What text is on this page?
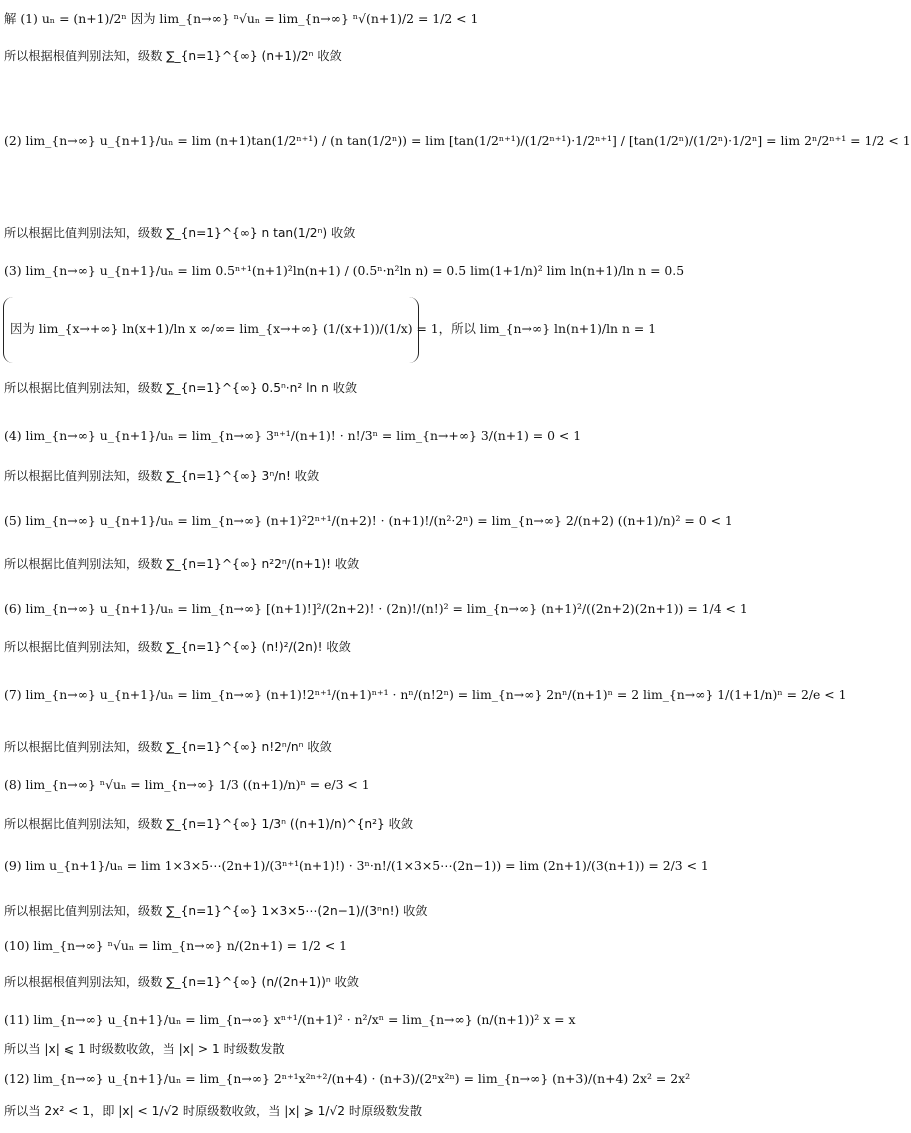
解 (1) uₙ = (n+1)/2ⁿ 因为 lim_{n→∞} ⁿ√uₙ = lim_{n→∞} ⁿ√(n+1)/2 = 1/2 < 1
所以根据根值判别法知，级数 ∑_{n=1}^{∞} (n+1)/2ⁿ 收敛
(2) lim_{n→∞} u_{n+1}/uₙ = lim (n+1)tan(1/2ⁿ⁺¹) / (n tan(1/2ⁿ)) = lim [tan(1/2ⁿ⁺¹)/(1/2ⁿ⁺¹)·1/2ⁿ⁺¹] / [tan(1/2ⁿ)/(1/2ⁿ)·1/2ⁿ] = lim 2ⁿ/2ⁿ⁺¹ = 1/2 < 1
所以根据比值判别法知，级数 ∑_{n=1}^{∞} n tan(1/2ⁿ) 收敛
(3) lim_{n→∞} u_{n+1}/uₙ = lim 0.5ⁿ⁺¹(n+1)²ln(n+1) / (0.5ⁿ·n²ln n) = 0.5 lim(1+1/n)² lim ln(n+1)/ln n = 0.5
因为 lim_{x→+∞} ln(x+1)/ln x ∞/∞= lim_{x→+∞} (1/(x+1))/(1/x) = 1，所以 lim_{n→∞} ln(n+1)/ln n = 1
所以根据比值判别法知，级数 ∑_{n=1}^{∞} 0.5ⁿ·n² ln n 收敛
(4) lim_{n→∞} u_{n+1}/uₙ = lim_{n→∞} 3ⁿ⁺¹/(n+1)! · n!/3ⁿ = lim_{n→+∞} 3/(n+1) = 0 < 1
所以根据比值判别法知，级数 ∑_{n=1}^{∞} 3ⁿ/n! 收敛
(5) lim_{n→∞} u_{n+1}/uₙ = lim_{n→∞} (n+1)²2ⁿ⁺¹/(n+2)! · (n+1)!/(n²·2ⁿ) = lim_{n→∞} 2/(n+2) ((n+1)/n)² = 0 < 1
所以根据比值判别法知，级数 ∑_{n=1}^{∞} n²2ⁿ/(n+1)! 收敛
(6) lim_{n→∞} u_{n+1}/uₙ = lim_{n→∞} [(n+1)!]²/(2n+2)! · (2n)!/(n!)² = lim_{n→∞} (n+1)²/((2n+2)(2n+1)) = 1/4 < 1
所以根据比值判别法知，级数 ∑_{n=1}^{∞} (n!)²/(2n)! 收敛
(7) lim_{n→∞} u_{n+1}/uₙ = lim_{n→∞} (n+1)!2ⁿ⁺¹/(n+1)ⁿ⁺¹ · nⁿ/(n!2ⁿ) = lim_{n→∞} 2nⁿ/(n+1)ⁿ = 2 lim_{n→∞} 1/(1+1/n)ⁿ = 2/e < 1
所以根据比值判别法知，级数 ∑_{n=1}^{∞} n!2ⁿ/nⁿ 收敛
(8) lim_{n→∞} ⁿ√uₙ = lim_{n→∞} 1/3 ((n+1)/n)ⁿ = e/3 < 1
所以根据比值判别法知，级数 ∑_{n=1}^{∞} 1/3ⁿ ((n+1)/n)^{n²} 收敛
(9) lim u_{n+1}/uₙ = lim 1×3×5⋯(2n+1)/(3ⁿ⁺¹(n+1)!) · 3ⁿ·n!/(1×3×5⋯(2n−1)) = lim (2n+1)/(3(n+1)) = 2/3 < 1
所以根据比值判别法知，级数 ∑_{n=1}^{∞} 1×3×5⋯(2n−1)/(3ⁿn!) 收敛
(10) lim_{n→∞} ⁿ√uₙ = lim_{n→∞} n/(2n+1) = 1/2 < 1
所以根据根值判别法知，级数 ∑_{n=1}^{∞} (n/(2n+1))ⁿ 收敛
(11) lim_{n→∞} u_{n+1}/uₙ = lim_{n→∞} xⁿ⁺¹/(n+1)² · n²/xⁿ = lim_{n→∞} (n/(n+1))² x = x
所以当 |x| ⩽ 1 时级数收敛，当 |x| > 1 时级数发散
(12) lim_{n→∞} u_{n+1}/uₙ = lim_{n→∞} 2ⁿ⁺¹x²ⁿ⁺²/(n+4) · (n+3)/(2ⁿx²ⁿ) = lim_{n→∞} (n+3)/(n+4) 2x² = 2x²
所以当 2x² < 1，即 |x| < 1/√2 时原级数收敛，当 |x| ⩾ 1/√2 时原级数发散
